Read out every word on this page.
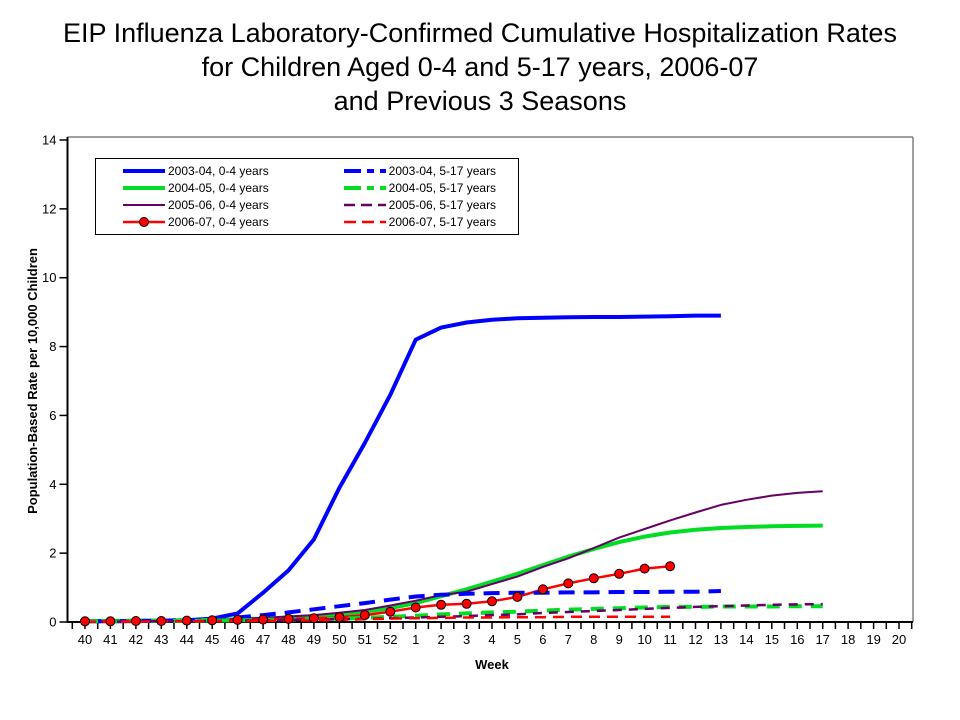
EIP Influenza Laboratory-Confirmed Cumulative Hospitalization Rates
for Children Aged 0-4 and 5-17 years, 2006-07
and Previous 3 Seasons
0
2
4
6
8
10
12
14
40 41 42 43 44 45 46 47 48 49 50 51 52 1 2 3 4 5 6 7 8 9 10 11 12 13 14 15 16 17 18 19 20
Week
Population-Based Rate per 10,000 Children
2003-04, 0-4 years
2004-05, 0-4 years
2005-06, 0-4 years
2006-07, 0-4 years
2003-04, 5-17 years
2004-05, 5-17 years
2005-06, 5-17 years
2006-07, 5-17 years
